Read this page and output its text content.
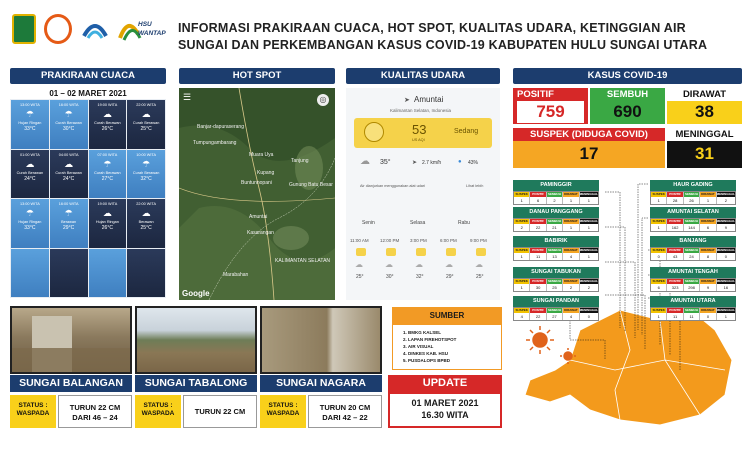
HSU WANTAP INFORMASI PRAKIRAAN CUACA, HOT SPOT, KUALITAS UDARA, KETINGGIAN AIR
SUNGAI DAN PERKEMBANGAN KASUS COVID-19 KABUPATEN HULU SUNGAI UTARA
PRAKIRAAN CUACA	HOT SPOT	KUALITAS UDARA	KASUS COVID-19
01 – 02 MARET 2021
13:00 WITA
☂
Hujan Ringan
33°C
16:00 WITA
☂
Curah Berawan
30°C
19:00 WITA
☁
Curah Berawan
26°C
22:00 WITA
☁
Curah Berawan
25°C
01:00 WITA
☁
Curah Berawan
24°C
04:00 WITA
☁
Curah Berawan
24°C
07:00 WITA
☂
Curah Berawan
27°C
10:00 WITA
☂
Curah Berawan
32°C
13:00 WITA
☂
Hujan Ringan
33°C
16:00 WITA
☂
Berawan
29°C
19:00 WITA
☁
Hujan Ringan
26°C
22:00 WITA
☁
Berawan
25°C
☰	◎
Banjar-dapuraserang
Tumpungambarang
Muara Uya
Kupang
Buntunnopani
Amuntai
Kasarangan
Marabahan
KALIMANTAN SELATAN
Tanjung
Gunung Batu Besar
Google
➤ Amuntai
Kalimantan Selatan, Indonesia
53
US AQI
Sedang
☁ 35°	➤ 2.7 km/h	● 43%
Air dianjurkan menggunakan alat udari	Lihat lebih
Senin	Selasa	Rabu
11:00 AM
☁
25°
12:00 PM
☁
30°
3:00 PM
☁
32°
6:00 PM
☁
29°
9:00 PM
☁
25°
POSITIF
759
SEMBUH
690
DIRAWAT
38
SUSPEK (DIDUGA COVID)
17
MENINGGAL
31
PAMINGGIR
SUSPEK	POSITIF	SEMBUH	DIRAWAT MENINGGAL
1	6	2	1	1
DANAU PANGGANG
SUSPEK	POSITIF	SEMBUH	DIRAWAT MENINGGAL
2	22	21	1	1
BABIRIK
SUSPEK	POSITIF	SEMBUH	DIRAWAT MENINGGAL
1	11	13	4	1
SUNGAI TABUKAN
SUSPEK	POSITIF	SEMBUH	DIRAWAT MENINGGAL
1	30	25	2	2
SUNGAI PANDAN
SUSPEK	POSITIF	SEMBUH	DIRAWAT MENINGGAL
4	22	27	4	0
HAUR GADING
SUSPEK	POSITIF	SEMBUH	DIRAWAT MENINGGAL
1	28	26	1	2
AMUNTAI SELATAN
SUSPEK	POSITIF	SEMBUH	DIRAWAT MENINGGAL
1	162	144	6	9
BANJANG
SUSPEK	POSITIF	SEMBUH	DIRAWAT MENINGGAL
0	43	24	8	0
AMUNTAI TENGAH
SUSPEK	POSITIF	SEMBUH	DIRAWAT MENINGGAL
6	323	298	9	16
AMUNTAI UTARA
SUSPEK	POSITIF	SEMBUH	DIRAWAT MENINGGAL
1	11	11	0	1
SUNGAI BALANGAN	SUNGAI TABALONG	SUNGAI NAGARA
STATUS :
WASPADA
TURUN 22 CM
DARI 46 – 24
STATUS :
WASPADA	TURUN 22 CM
STATUS :
WASPADA
TURUN 20 CM
DARI 42 – 22
SUMBER
1. BMKG KALSEL
2. LAPAN FIREHOTSPOT
3. AIR VISUAL
4. DINKES KAB. HSU
5. PUSDALOPS BPBD
UPDATE
01 MARET 2021
16.30 WITA
